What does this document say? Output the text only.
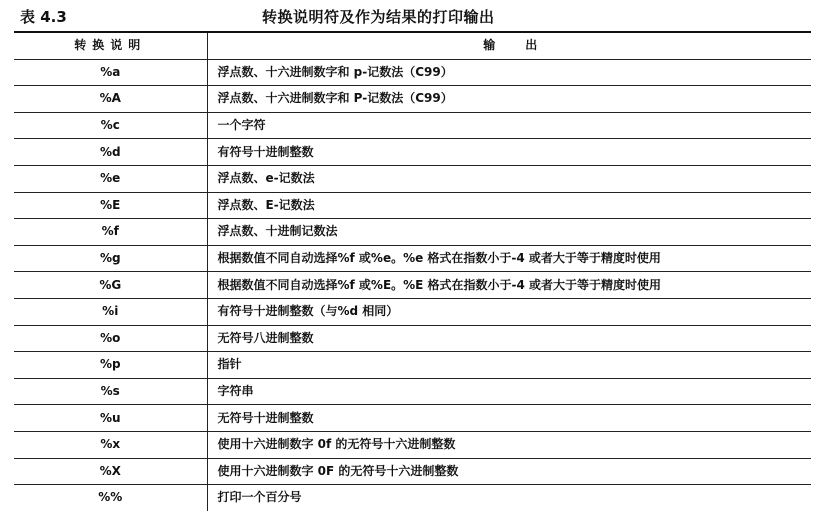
表 4.3	转换说明符及作为结果的打印输出
转换说明	输出
%a	浮点数、十六进制数字和 p-记数法（C99）
%A	浮点数、十六进制数字和 P-记数法（C99）
%c	一个字符
%d	有符号十进制整数
%e	浮点数、e-记数法
%E	浮点数、E-记数法
%f	浮点数、十进制记数法
%g	根据数值不同自动选择%f 或%e。%e 格式在指数小于-4 或者大于等于精度时使用
%G	根据数值不同自动选择%f 或%E。%E 格式在指数小于-4 或者大于等于精度时使用
%i	有符号十进制整数（与%d 相同）
%o	无符号八进制整数
%p	指针
%s	字符串
%u	无符号十进制整数
%x	使用十六进制数字 0f 的无符号十六进制整数
%X	使用十六进制数字 0F 的无符号十六进制整数
%%	打印一个百分号
